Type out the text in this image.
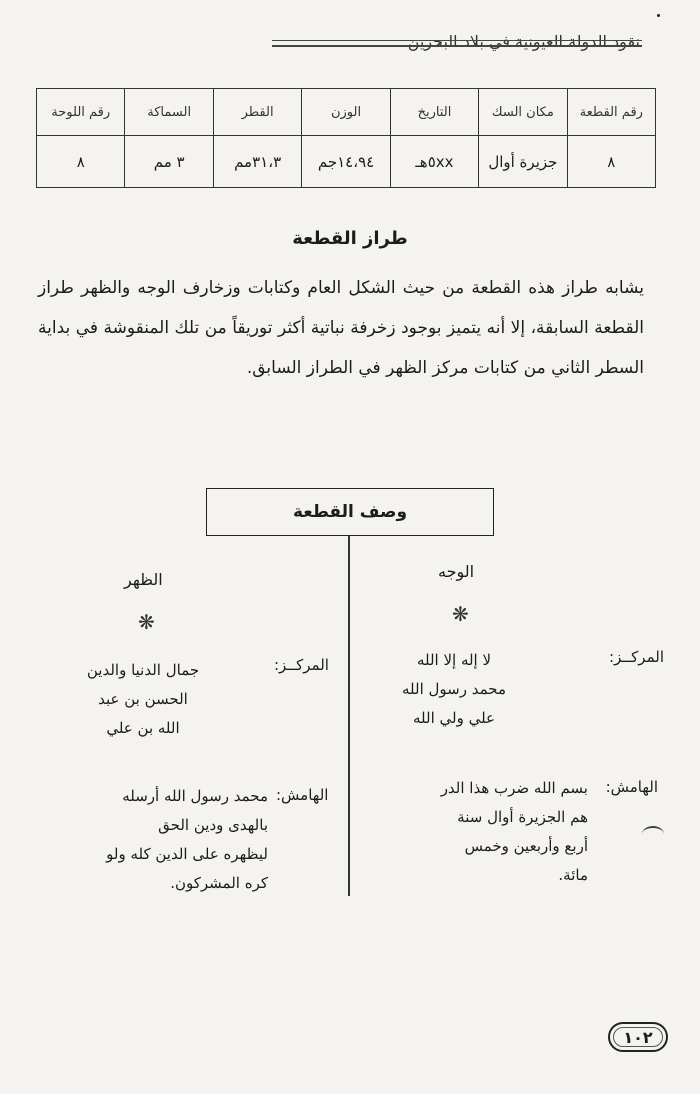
نقود الدولة العيونية في بلاد البحرين
رقم القطعة	مكان السك	التاريخ	الوزن	القطر	السماكة	رقم اللوحة
٨	جزيرة أوال	٥xxهـ	١٤،٩٤جم	٣١،٣مم	٣ مم	٨
طراز القطعة
يشابه طراز هذه القطعة من حيث الشكل العام وكتابات وزخارف الوجه والظهر طراز القطعة السابقة، إلا أنه يتميز بوجود زخرفة نباتية أكثر توريقاً من تلك المنقوشة في بداية السطر الثاني من كتابات مركز الظهر في الطراز السابق.
وصف القطعة
الوجه
❋
المركــز:
لا إله إلا الله
محمد رسول الله
علي ولي الله
الهامش:
بسم الله ضرب هذا الدر
هم الجزيرة أوال سنة
أربع وأربعين وخمس
مائة.
الظهر
❋
المركــز:
جمال الدنيا والدين
الحسن بن عبد
الله بن علي
الهامش:
محمد رسول الله أرسله
بالهدى ودين الحق
ليظهره على الدين كله ولو
كره المشركون.
١٠٢
